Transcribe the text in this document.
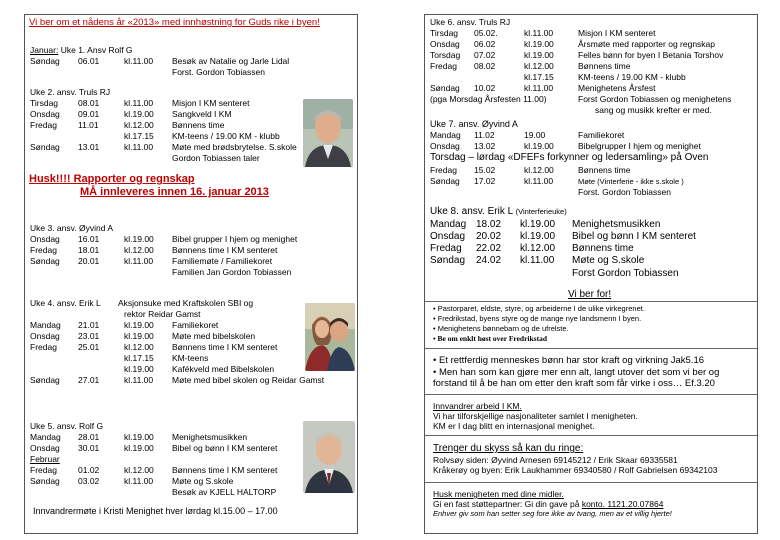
Vi ber om et nådens år «2013» med innhøstning for Guds rike i byen!
Januar: Uke 1. Ansv Rolf G
Søndag	06.01	kl.11.00	Besøk av Natalie og Jarle Lidal
Forst. Gordon Tobiassen
Uke 2. ansv. Truls RJ
Tirsdag	08.01	kl.11.00	Misjon I KM senteret
Onsdag	09.01	kl.19.00	Sangkveld I KM
Fredag	11.01	kl.12.00	Bønnens time
kl.17.15	KM-teens / 19.00 KM - klubb
Søndag	13.01	kl.11.00	Møte med brødsbrytelse. S.skole
Gordon Tobiassen taler
Husk!!!! Rapporter og regnskap
MÅ innleveres innen 16. januar 2013
Uke 3. ansv. Øyvind A
Onsdag	16.01	kl.19.00	Bibel grupper I hjem og menighet
Fredag	18.01	kl.12.00	Bønnens time I KM senteret
Søndag	20.01	kl.11.00	Familiemøte / Familiekoret
Familien Jan Gordon Tobiassen
Uke 4. ansv. Erik L Aksjonsuke med Kraftskolen SBI og
rektor Reidar Gamst
Mandag	21.01	kl.19.00	Familiekoret
Onsdag	23.01	kl.19.00	Møte med bibelskolen
Fredag	25.01	kl.12.00	Bønnens time I KM senteret
kl.17.15	KM-teens
kl.19.00	Kafékveld med Bibelskolen
Søndag	27.01	kl.11.00	Møte med bibel skolen og Reidar Gamst
Uke 5. ansv. Rolf G
Mandag	28.01	kl.19.00	Menighetsmusikken
Onsdag	30.01	kl.19.00	Bibel og bønn I KM senteret
Februar
Fredag	01.02	kl.12.00	Bønnens time I KM senteret
Søndag	03.02	kl.11.00	Møte og S.skole
Besøk av KJELL HALTORP
Innvandrermøte i Kristi Menighet hver lørdag kl.15.00 – 17.00
Uke 6. ansv. Truls RJ
Tirsdag	05.02.	kl.11.00	Misjon I KM senteret
Onsdag	06.02	kl.19.00	Årsmøte med rapporter og regnskap
Torsdag	07.02	kl.19.00	Felles bønn for byen I Betania Torshov
Fredag	08.02	kl.12.00	Bønnens time
kl.17.15	KM-teens / 19.00 KM - klubb
Søndag	10.02	kl.11.00	Menighetens Årsfest
(pga Morsdag Årsfesten 11.00)	Forst Gordon Tobiassen og menighetens
sang og musikk krefter er med.
Uke 7. ansv. Øyvind A
Mandag	11.02	19.00	Familiekoret
Onsdag	13.02	kl.19.00	Bibelgrupper I hjem og menighet
Torsdag – lørdag «DFEFs forkynner og ledersamling» på Oven
Fredag	15.02	kl.12.00	Bønnens time
Søndag	17.02	kl.11.00	Møte (Vinterferie - ikke s.skole )
Forst. Gordon Tobiassen
Uke 8. ansv. Erik L (Vinterferieuke)
Mandag 18.02	kl.19.00	Menighetsmusikken
Onsdag	20.02	kl.19.00	Bibel og bønn I KM senteret
Fredag	22.02	kl.12.00	Bønnens time
Søndag	24.02	kl.11.00	Møte og S.skole
Forst Gordon Tobiassen
Vi ber for!
• Pastorparet, eldste, styre, og arbeiderne I de ulike virkegrenet.
• Fredrikstad, byens styre og de mange nye landsmenn I byen.
• Menighetens bønnebarn og de ufrelste.
• Be om enklt høst over Fredrikstad
• Et rettferdig menneskes bønn har stor kraft og virkning Jak5.16
• Men han som kan gjøre mer enn alt, langt utover det som vi ber og
forstand til å be han om etter den kraft som får virke i oss… Ef.3.20
Innvandrer arbeid I KM.
Vi har tilforskjellige nasjonaliteter samlet I menigheten.
KM er I dag blitt en internasjonal menighet.
Trenger du skyss så kan du ringe:
Rolvsøy siden: Øyvind Arnesen 69145212 / Erik Skaar 69335581
Kråkerøy og byen: Erik Laukhammer 69340580 / Rolf Gabrielsen 69342103
Husk menigheten med dine midler.
Gi en fast støttepartner: Gi din gave på konto. 1121.20.07864
Enhver giv som han setter seg fore ikke av tvang, men av et villig hjerte!
